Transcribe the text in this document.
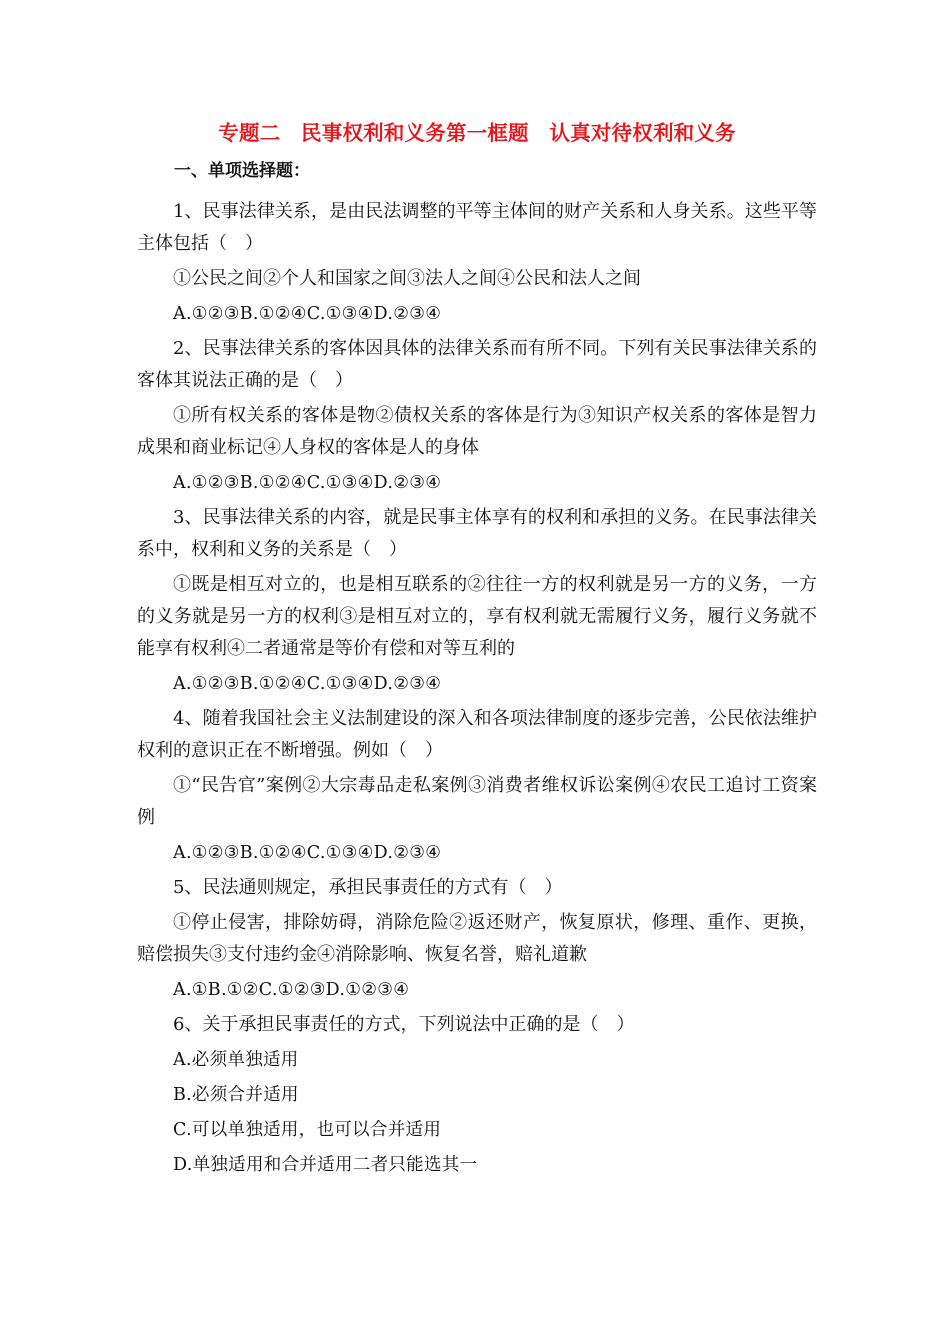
专题二　民事权利和义务第一框题　认真对待权利和义务
一、单项选择题：
1、民事法律关系，是由民法调整的平等主体间的财产关系和人身关系。这些平等主体包括（　）
①公民之间②个人和国家之间③法人之间④公民和法人之间
A.①②③B.①②④C.①③④D.②③④
2、民事法律关系的客体因具体的法律关系而有所不同。下列有关民事法律关系的客体其说法正确的是（　）
①所有权关系的客体是物②债权关系的客体是行为③知识产权关系的客体是智力成果和商业标记④人身权的客体是人的身体
A.①②③B.①②④C.①③④D.②③④
3、民事法律关系的内容，就是民事主体享有的权利和承担的义务。在民事法律关系中，权利和义务的关系是（　）
①既是相互对立的，也是相互联系的②往往一方的权利就是另一方的义务，一方的义务就是另一方的权利③是相互对立的，享有权利就无需履行义务，履行义务就不能享有权利④二者通常是等价有偿和对等互利的
A.①②③B.①②④C.①③④D.②③④
4、随着我国社会主义法制建设的深入和各项法律制度的逐步完善，公民依法维护权利的意识正在不断增强。例如（　）
①“民告官”案例②大宗毒品走私案例③消费者维权诉讼案例④农民工追讨工资案例
A.①②③B.①②④C.①③④D.②③④
5、民法通则规定，承担民事责任的方式有（　）
①停止侵害，排除妨碍，消除危险②返还财产，恢复原状，修理、重作、更换，赔偿损失③支付违约金④消除影响、恢复名誉，赔礼道歉
A.①B.①②C.①②③D.①②③④
6、关于承担民事责任的方式，下列说法中正确的是（　）
A.必须单独适用
B.必须合并适用
C.可以单独适用，也可以合并适用
D.单独适用和合并适用二者只能选其一
